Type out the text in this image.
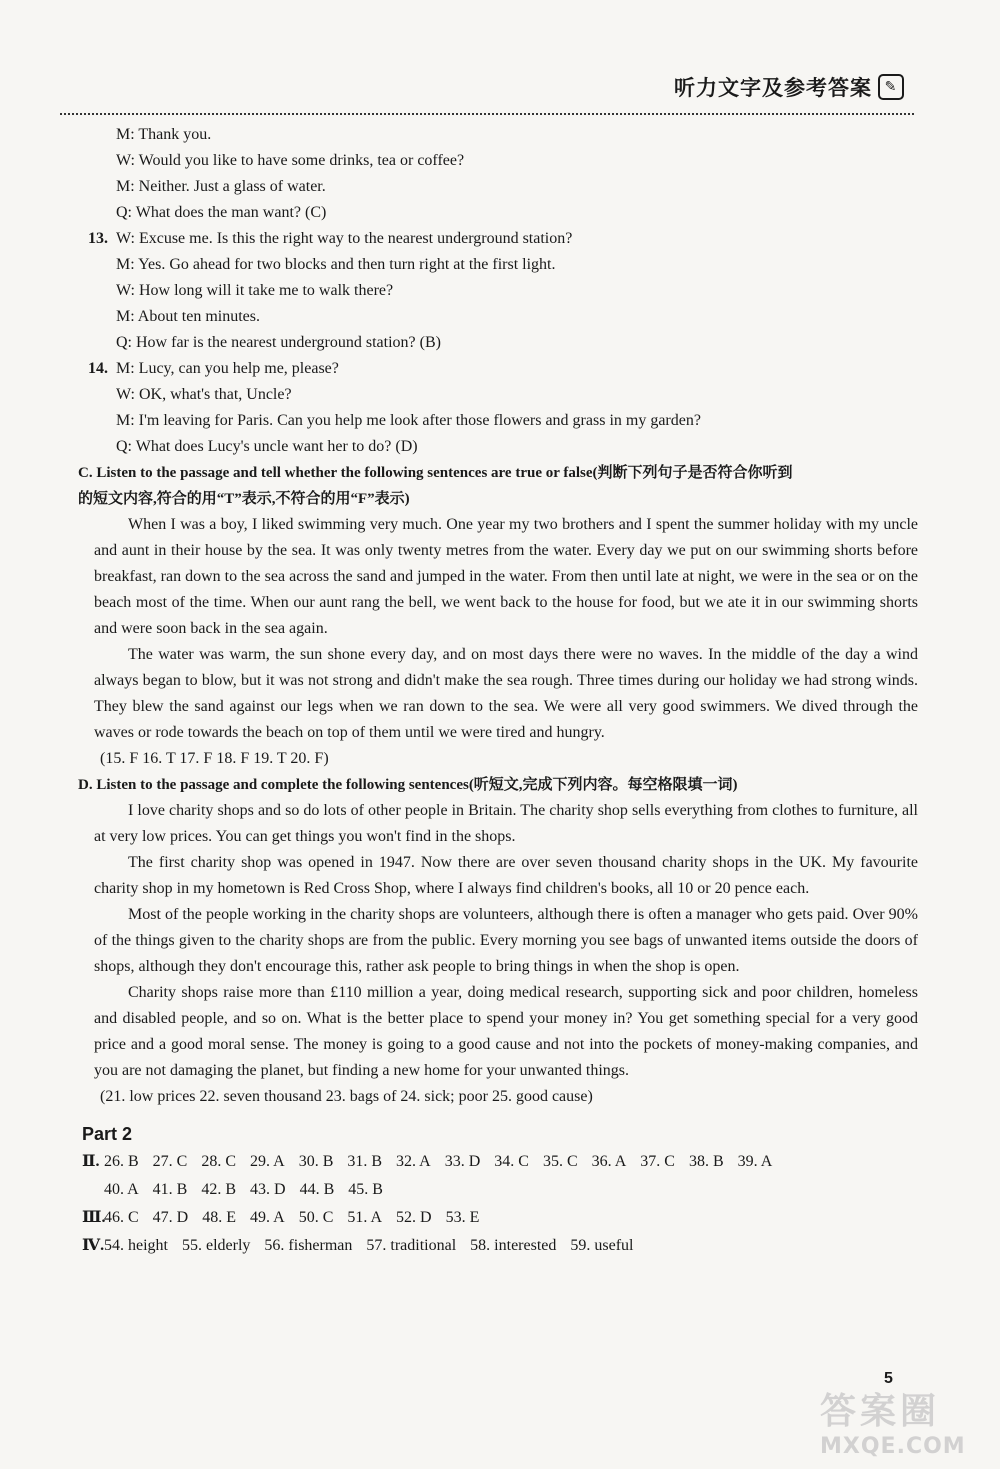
听力文字及参考答案 ✎
M: Thank you.
W: Would you like to have some drinks, tea or coffee?
M: Neither. Just a glass of water.
Q: What does the man want? (C)
13. W: Excuse me. Is this the right way to the nearest underground station?
M: Yes. Go ahead for two blocks and then turn right at the first light.
W: How long will it take me to walk there?
M: About ten minutes.
Q: How far is the nearest underground station? (B)
14. M: Lucy, can you help me, please?
W: OK, what's that, Uncle?
M: I'm leaving for Paris. Can you help me look after those flowers and grass in my garden?
Q: What does Lucy's uncle want her to do? (D)
C. Listen to the passage and tell whether the following sentences are true or false(判断下列句子是否符合你听到
的短文内容,符合的用“T”表示,不符合的用“F”表示)

When I was a boy, I liked swimming very much. One year my two brothers and I spent the summer holiday with my uncle and aunt in their house by the sea. It was only twenty metres from the water. Every day we put on our swimming shorts before breakfast, ran down to the sea across the sand and jumped in the water. From then until late at night, we were in the sea or on the beach most of the time. When our aunt rang the bell, we went back to the house for food, but we ate it in our swimming shorts and were soon back in the sea again.

The water was warm, the sun shone every day, and on most days there were no waves. In the middle of the day a wind always began to blow, but it was not strong and didn't make the sea rough. Three times during our holiday we had strong winds. They blew the sand against our legs when we ran down to the sea. We were all very good swimmers. We dived through the waves or rode towards the beach on top of them until we were tired and hungry.

(15. F 16. T 17. F 18. F 19. T 20. F)
D. Listen to the passage and complete the following sentences(听短文,完成下列内容。每空格限填一词)

I love charity shops and so do lots of other people in Britain. The charity shop sells everything from clothes to furniture, all at very low prices. You can get things you won't find in the shops.

The first charity shop was opened in 1947. Now there are over seven thousand charity shops in the UK. My favourite charity shop in my hometown is Red Cross Shop, where I always find children's books, all 10 or 20 pence each.

Most of the people working in the charity shops are volunteers, although there is often a manager who gets paid. Over 90% of the things given to the charity shops are from the public. Every morning you see bags of unwanted items outside the doors of shops, although they don't encourage this, rather ask people to bring things in when the shop is open.

Charity shops raise more than £110 million a year, doing medical research, supporting sick and poor children, homeless and disabled people, and so on. What is the better place to spend your money in? You get something special for a very good price and a good moral sense. The money is going to a good cause and not into the pockets of money-making companies, and you are not damaging the planet, but finding a new home for your unwanted things.

(21. low prices 22. seven thousand 23. bags of 24. sick; poor 25. good cause)
Part 2
Ⅱ. 26. B 27. C 28. C 29. A 30. B 31. B 32. A 33. D 34. C 35. C 36. A 37. C 38. B 39. A
40. A 41. B 42. B 43. D 44. B 45. B
Ⅲ.46. C 47. D 48. E 49. A 50. C 51. A 52. D 53. E
Ⅳ.54. height 55. elderly 56. fisherman 57. traditional 58. interested 59. useful
5
答案圈
MXQE.COM
